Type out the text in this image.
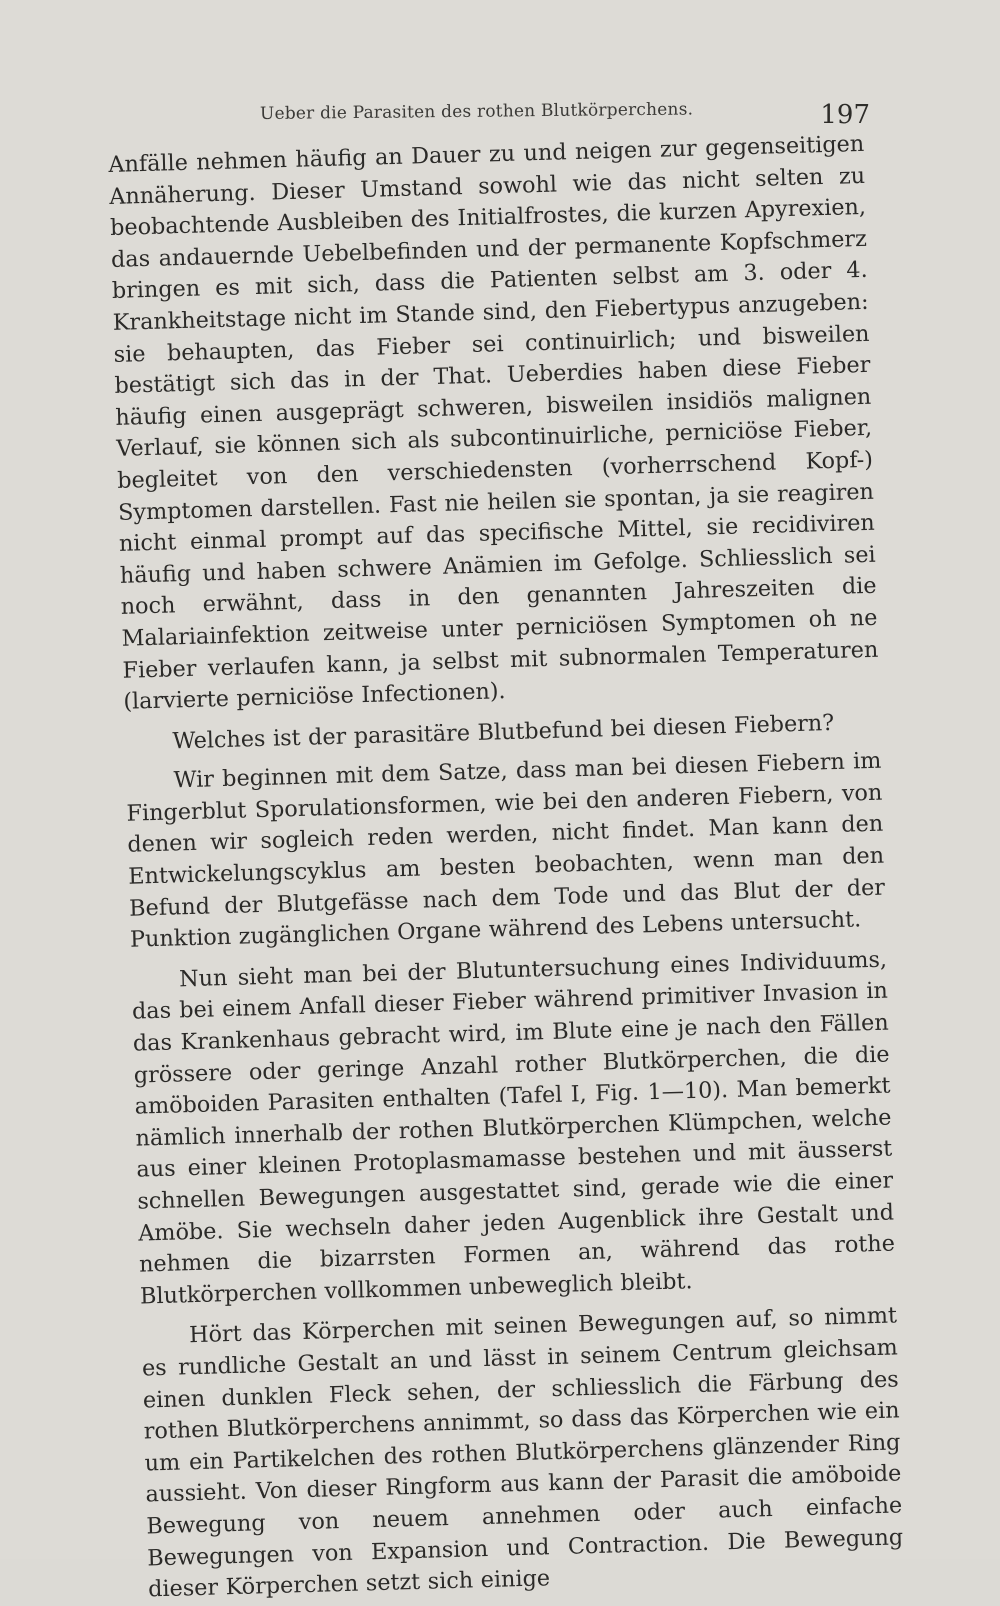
Ueber die Parasiten des rothen Blutkörperchens.	197

Anfälle nehmen häufig an Dauer zu und neigen zur gegenseitigen Annäherung. Dieser Umstand sowohl wie das nicht selten zu beobachtende Ausbleiben des Initialfrostes, die kurzen Apyrexien, das andauernde Uebelbefinden und der permanente Kopfschmerz bringen es mit sich, dass die Patienten selbst am 3. oder 4. Krankheitstage nicht im Stande sind, den Fiebertypus anzugeben: sie behaupten, das Fieber sei continuirlich; und bisweilen bestätigt sich das in der That. Ueberdies haben diese Fieber häufig einen ausgeprägt schweren, bisweilen insidiös malignen Verlauf, sie können sich als subcontinuirliche, perniciöse Fieber, begleitet von den verschiedensten (vorherrschend Kopf-) Symptomen darstellen. Fast nie heilen sie spontan, ja sie reagiren nicht einmal prompt auf das specifische Mittel, sie recidiviren häufig und haben schwere Anämien im Gefolge. Schliesslich sei noch erwähnt, dass in den genannten Jahreszeiten die Malariainfektion zeitweise unter perniciösen Symptomen oh ne Fieber verlaufen kann, ja selbst mit subnormalen Temperaturen (larvierte perniciöse Infectionen).

Welches ist der parasitäre Blutbefund bei diesen Fiebern?

Wir beginnen mit dem Satze, dass man bei diesen Fiebern im Fingerblut Sporulationsformen, wie bei den anderen Fiebern, von denen wir sogleich reden werden, nicht findet. Man kann den Entwickelungscyklus am besten beobachten, wenn man den Befund der Blutgefässe nach dem Tode und das Blut der der Punktion zugänglichen Organe während des Lebens untersucht.

Nun sieht man bei der Blutuntersuchung eines Individuums, das bei einem Anfall dieser Fieber während primitiver Invasion in das Krankenhaus gebracht wird, im Blute eine je nach den Fällen grössere oder geringe Anzahl rother Blutkörperchen, die die amöboiden Parasiten enthalten (Tafel I, Fig. 1—10). Man bemerkt nämlich innerhalb der rothen Blutkörperchen Klümpchen, welche aus einer kleinen Protoplasmamasse bestehen und mit äusserst schnellen Bewegungen ausgestattet sind, gerade wie die einer Amöbe. Sie wechseln daher jeden Augenblick ihre Gestalt und nehmen die bizarrsten Formen an, während das rothe Blutkörperchen vollkommen unbeweglich bleibt.

Hört das Körperchen mit seinen Bewegungen auf, so nimmt es rundliche Gestalt an und lässt in seinem Centrum gleichsam einen dunklen Fleck sehen, der schliesslich die Färbung des rothen Blutkörperchens annimmt, so dass das Körperchen wie ein um ein Partikelchen des rothen Blutkörperchens glänzender Ring aussieht. Von dieser Ringform aus kann der Parasit die amöboide Bewegung von neuem annehmen oder auch einfache Bewegungen von Expansion und Contraction. Die Bewegung dieser Körperchen setzt sich einige
